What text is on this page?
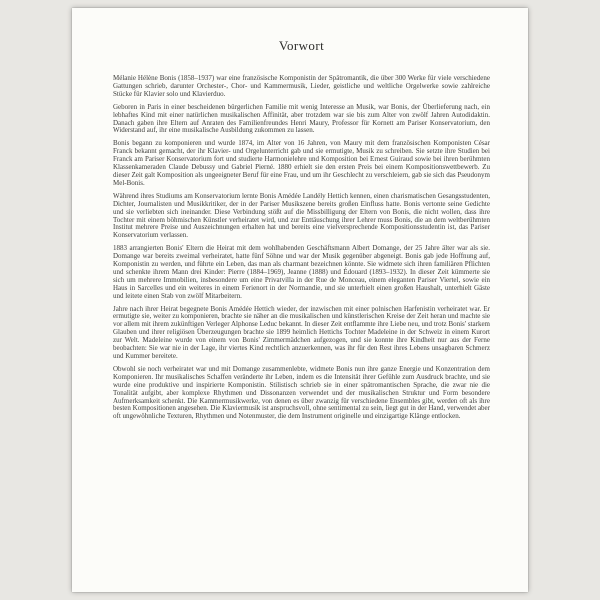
Vorwort

Mélanie Hélène Bonis (1858–1937) war eine französische Komponistin der Spätromantik, die über 300 Werke für viele verschiedene Gattungen schrieb, darunter Orchester-, Chor- und Kammermusik, Lieder, geistliche und weltliche Orgelwerke sowie zahlreiche Stücke für Klavier solo und Klavierduo.

Geboren in Paris in einer bescheidenen bürgerlichen Familie mit wenig Interesse an Musik, war Bonis, der Überlieferung nach, ein lebhaftes Kind mit einer natürlichen musikalischen Affinität, aber trotzdem war sie bis zum Alter von zwölf Jahren Autodidaktin. Danach gaben ihre Eltern auf Anraten des Familienfreundes Henri Maury, Professor für Kornett am Pariser Konservatorium, den Widerstand auf, ihr eine musikalische Ausbildung zukommen zu lassen.

Bonis begann zu komponieren und wurde 1874, im Alter von 16 Jahren, von Maury mit dem französischen Komponisten César Franck bekannt gemacht, der ihr Klavier- und Orgelunterricht gab und sie ermutigte, Musik zu schreiben. Sie setzte ihre Studien bei Franck am Pariser Konservatorium fort und studierte Harmonielehre und Komposition bei Ernest Guiraud sowie bei ihren berühmten Klassenkameraden Claude Debussy und Gabriel Pierné. 1880 erhielt sie den ersten Preis bei einem Kompositionswettbewerb. Zu dieser Zeit galt Komposition als ungeeigneter Beruf für eine Frau, und um ihr Geschlecht zu verschleiern, gab sie sich das Pseudonym Mel-Bonis.

Während ihres Studiums am Konservatorium lernte Bonis Amédée Landély Hettich kennen, einen charismatischen Gesangsstudenten, Dichter, Journalisten und Musikkritiker, der in der Pariser Musikszene bereits großen Einfluss hatte. Bonis vertonte seine Gedichte und sie verliebten sich ineinander. Diese Verbindung stößt auf die Missbilligung der Eltern von Bonis, die nicht wollen, dass ihre Tochter mit einem böhmischen Künstler verheiratet wird, und zur Enttäuschung ihrer Lehrer muss Bonis, die an dem weltberühmten Institut mehrere Preise und Auszeichnungen erhalten hat und bereits eine vielversprechende Kompositionsstudentin ist, das Pariser Konservatorium verlassen.

1883 arrangierten Bonis' Eltern die Heirat mit dem wohlhabenden Geschäftsmann Albert Domange, der 25 Jahre älter war als sie. Domange war bereits zweimal verheiratet, hatte fünf Söhne und war der Musik gegenüber abgeneigt. Bonis gab jede Hoffnung auf, Komponistin zu werden, und führte ein Leben, das man als charmant bezeichnen könnte. Sie widmete sich ihren familiären Pflichten und schenkte ihrem Mann drei Kinder: Pierre (1884–1969), Jeanne (1888) und Édouard (1893–1932). In dieser Zeit kümmerte sie sich um mehrere Immobilien, insbesondere um eine Privatvilla in der Rue de Monceau, einem eleganten Pariser Viertel, sowie ein Haus in Sarcelles und ein weiteres in einem Ferienort in der Normandie, und sie unterhielt einen großen Haushalt, unterhielt Gäste und leitete einen Stab von zwölf Mitarbeitern.

Jahre nach ihrer Heirat begegnete Bonis Amédée Hettich wieder, der inzwischen mit einer polnischen Harfenistin verheiratet war. Er ermutigte sie, weiter zu komponieren, brachte sie näher an die musikalischen und künstlerischen Kreise der Zeit heran und machte sie vor allem mit ihrem zukünftigen Verleger Alphonse Leduc bekannt. In dieser Zeit entflammte ihre Liebe neu, und trotz Bonis' starkem Glauben und ihrer religiösen Überzeugungen brachte sie 1899 heimlich Hettichs Tochter Madeleine in der Schweiz in einem Kurort zur Welt. Madeleine wurde von einem von Bonis' Zimmermädchen aufgezogen, und sie konnte ihre Kindheit nur aus der Ferne beobachten: Sie war nie in der Lage, ihr viertes Kind rechtlich anzuerkennen, was ihr für den Rest ihres Lebens unsagbaren Schmerz und Kummer bereitete.

Obwohl sie noch verheiratet war und mit Domange zusammenlebte, widmete Bonis nun ihre ganze Energie und Konzentration dem Komponieren. Ihr musikalisches Schaffen veränderte ihr Leben, indem es die Intensität ihrer Gefühle zum Ausdruck brachte, und sie wurde eine produktive und inspirierte Komponistin. Stilistisch schrieb sie in einer spätromantischen Sprache, die zwar nie die Tonalität aufgibt, aber komplexe Rhythmen und Dissonanzen verwendet und der musikalischen Struktur und Form besondere Aufmerksamkeit schenkt. Die Kammermusikwerke, von denen es über zwanzig für verschiedene Ensembles gibt, werden oft als ihre besten Kompositionen angesehen. Die Klaviermusik ist anspruchsvoll, ohne sentimental zu sein, liegt gut in der Hand, verwendet aber oft ungewöhnliche Texturen, Rhythmen und Notenmuster, die dem Instrument originelle und einzigartige Klänge entlocken.
